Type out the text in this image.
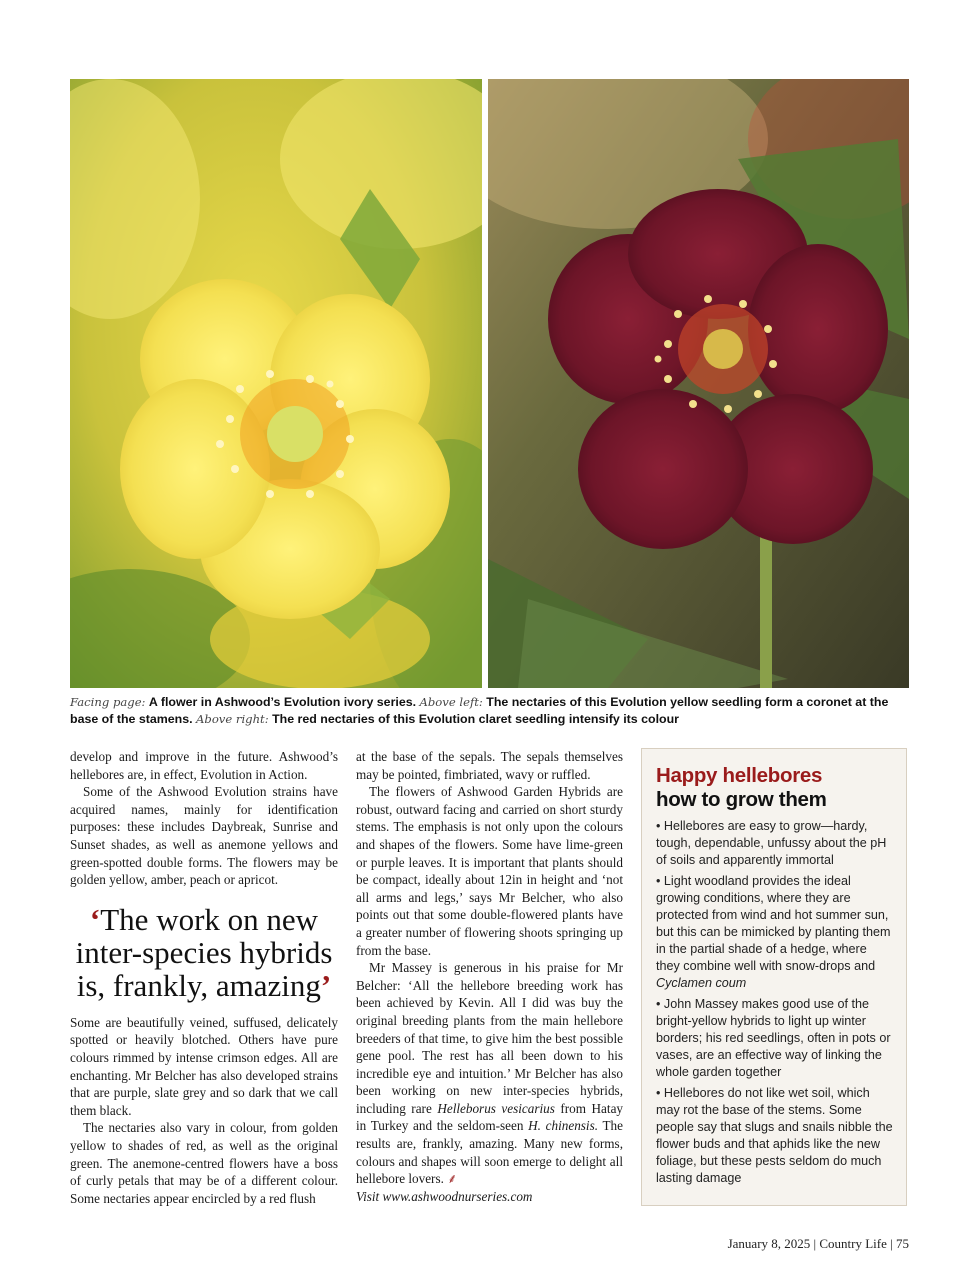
Facing page: A flower in Ashwood’s Evolution ivory series. Above left: The nectaries of this Evolution yellow seedling form a coronet at the base of the stamens. Above right: The red nectaries of this Evolution claret seedling intensify its colour

develop and improve in the future. Ashwood’s hellebores are, in effect, Evolution in Action.

Some of the Ashwood Evolution strains have acquired names, mainly for identification purposes: these includes Daybreak, Sunrise and Sunset shades, as well as anemone yellows and green-spotted double forms. The flowers may be golden yellow, amber, peach or apricot.

‘The work on new inter-species hybrids is, frankly, amazing’

Some are beautifully veined, suffused, delicately spotted or heavily blotched. Others have pure colours rimmed by intense crimson edges. All are enchanting. Mr Belcher has also developed strains that are purple, slate grey and so dark that we call them black.

The nectaries also vary in colour, from golden yellow to shades of red, as well as the original green. The anemone-centred flowers have a boss of curly petals that may be of a different colour. Some nectaries appear encircled by a red flush

at the base of the sepals. The sepals themselves may be pointed, fimbriated, wavy or ruffled.

The flowers of Ashwood Garden Hybrids are robust, outward facing and carried on short sturdy stems. The emphasis is not only upon the colours and shapes of the flowers. Some have lime-green or purple leaves. It is important that plants should be compact, ideally about 12in in height and ‘not all arms and legs,’ says Mr Belcher, who also points out that some double-flowered plants have a greater number of flowering shoots springing up from the base.

Mr Massey is generous in his praise for Mr Belcher: ‘All the hellebore breeding work has been achieved by Kevin. All I did was buy the original breeding plants from the main hellebore breeders of that time, to give him the best possible gene pool. The rest has all been down to his incredible eye and intuition.’ Mr Belcher has also been working on new inter-species hybrids, including rare Helleborus vesicarius from Hatay in Turkey and the seldom-seen H. chinensis. The results are, frankly, amazing. Many new forms, colours and shapes will soon emerge to delight all hellebore lovers. ⸙
Visit www.ashwoodnurseries.com

Happy hellebores
how to grow them
• Hellebores are easy to grow—hardy, tough, dependable, unfussy about the pH of soils and apparently immortal
• Light woodland provides the ideal growing conditions, where they are protected from wind and hot summer sun, but this can be mimicked by planting them in the partial shade of a hedge, where they combine well with snow-drops and Cyclamen coum
• John Massey makes good use of the bright-yellow hybrids to light up winter borders; his red seedlings, often in pots or vases, are an effective way of linking the whole garden together
• Hellebores do not like wet soil, which may rot the base of the stems. Some people say that slugs and snails nibble the flower buds and that aphids like the new foliage, but these pests seldom do much lasting damage
January 8, 2025 | Country Life | 75
